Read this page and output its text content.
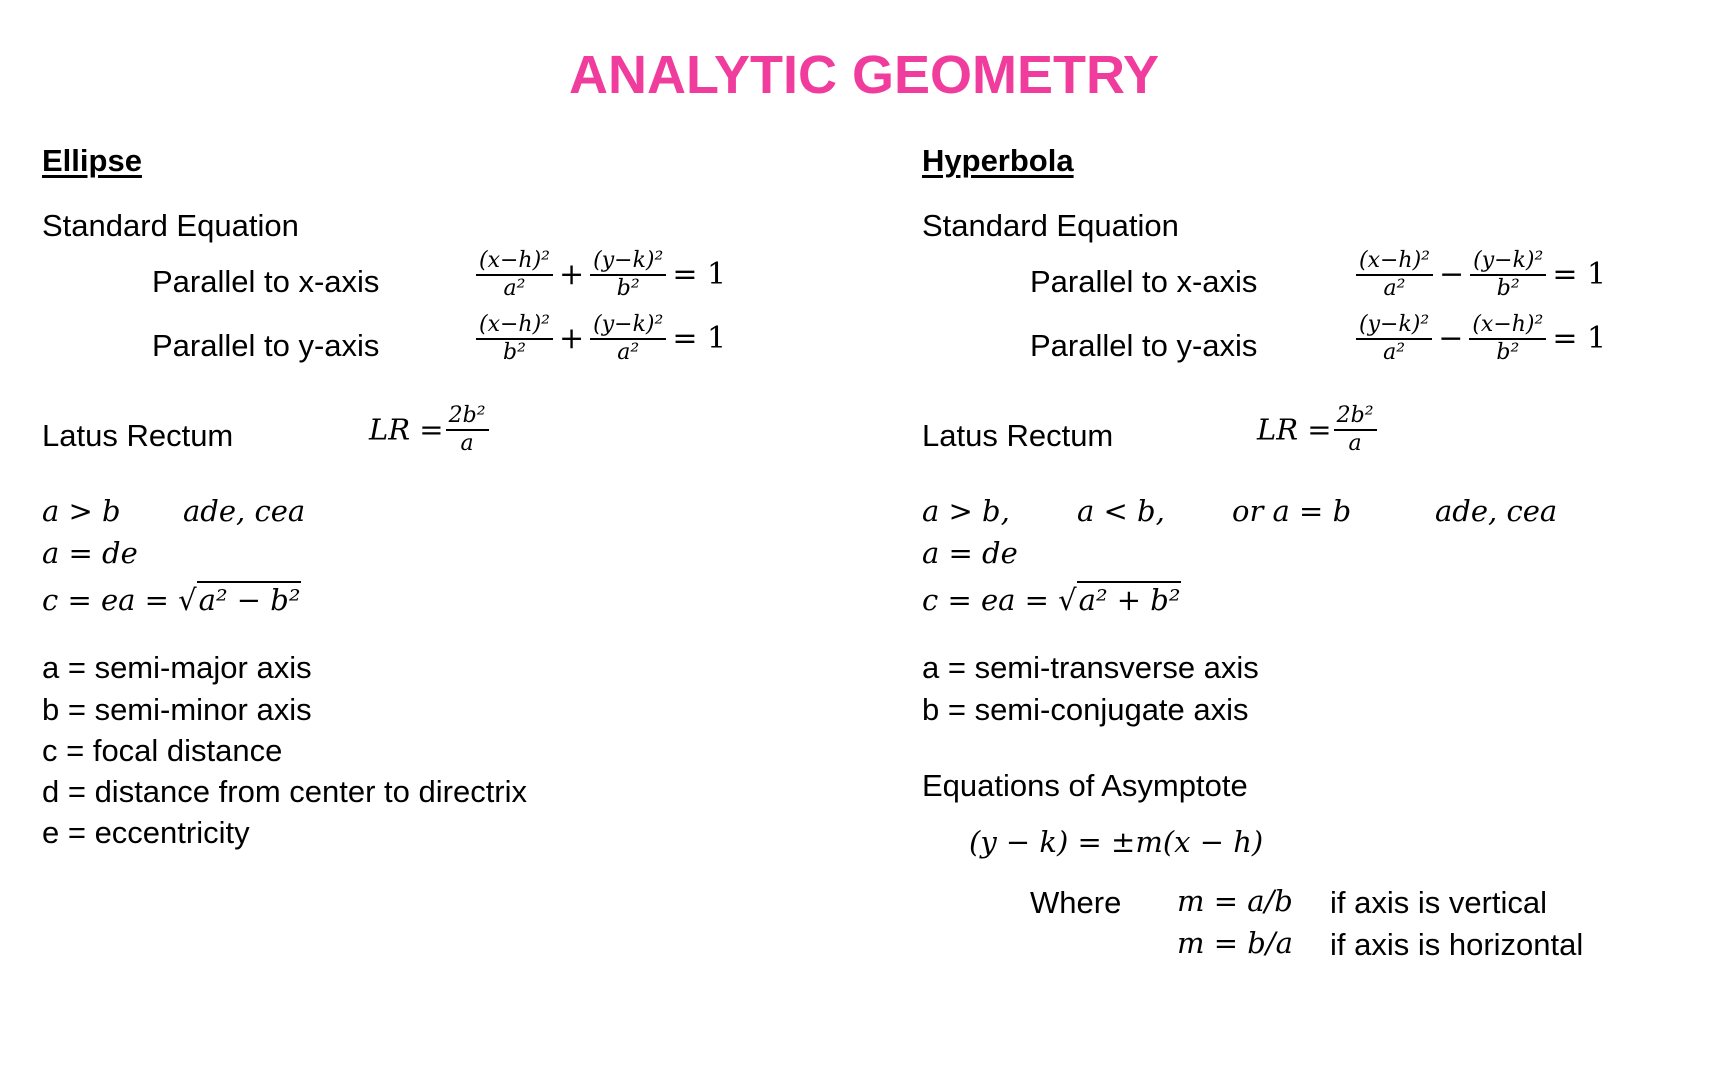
ANALYTIC GEOMETRY
Ellipse
Standard Equation
Parallel to x-axis	$\frac{\text{(x−h)²}}{\text{a²}} + \frac{\text{(y−k)²}}{\text{b²}} = 1$
Parallel to y-axis	$\frac{\text{(x−h)²}}{\text{b²}} + \frac{\text{(y−k)²}}{\text{a²}} = 1$
Latus Rectum	LR = $\frac{\text{2b²}}{a}$
a > b ade, cea
a = de
c = ea = √a² − b²
a = semi-major axis
b = semi-minor axis
c = focal distance
d = distance from center to directrix
e = eccentricity
Hyperbola
Standard Equation
Parallel to x-axis	$\frac{\text{(x−h)²}}{\text{a²}} - \frac{\text{(y−k)²}}{\text{b²}} = 1$
Parallel to y-axis	$\frac{\text{(y−k)²}}{\text{a²}} - \frac{\text{(x−h)²}}{\text{b²}} = 1$
Latus Rectum	LR = $\frac{\text{2b²}}{a}$
a > b, a < b, or a = b	ade, cea
a = de
c = ea = √a² + b²
a = semi-transverse axis
b = semi-conjugate axis
Equations of Asymptote
(y − k) = ±m(x − h)
Where m = a/b if axis is vertical
m = b/a if axis is horizontal
